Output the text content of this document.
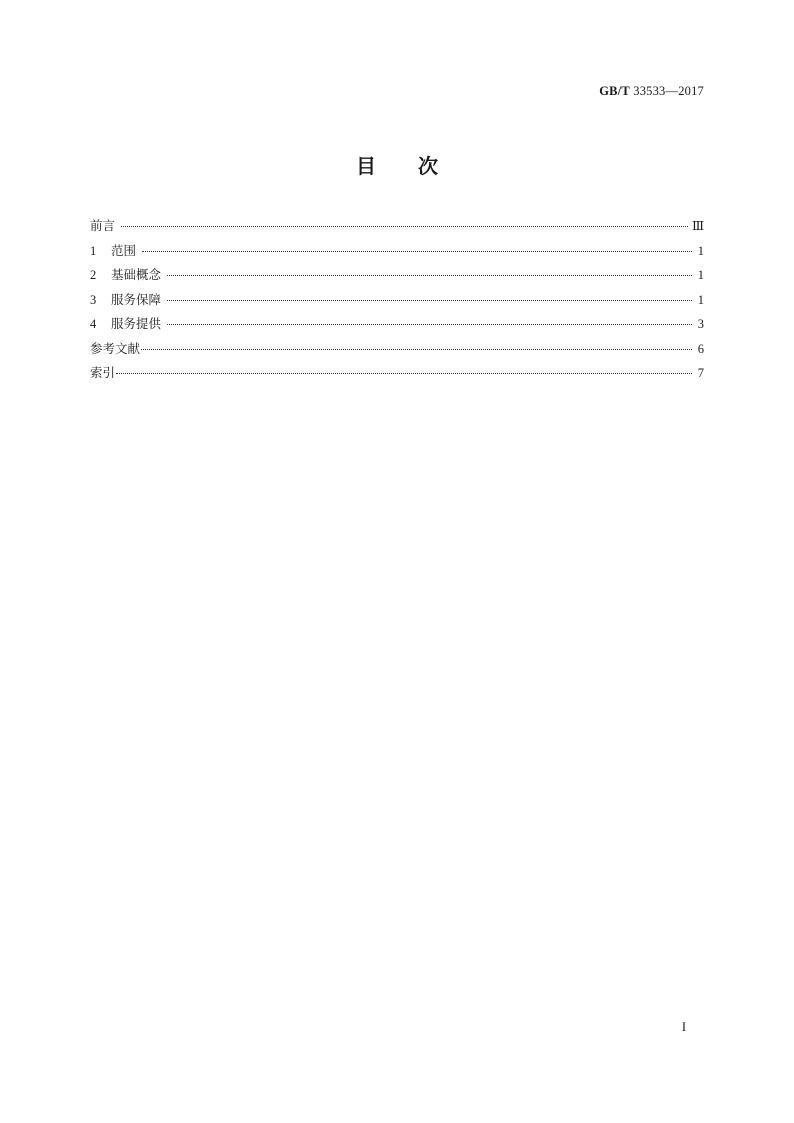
GB/T 33533—2017
目次
前言	Ⅲ
1	范围	1
2	基础概念	1
3	服务保障	1
4	服务提供	3
参考文献	6
索引	7
I
